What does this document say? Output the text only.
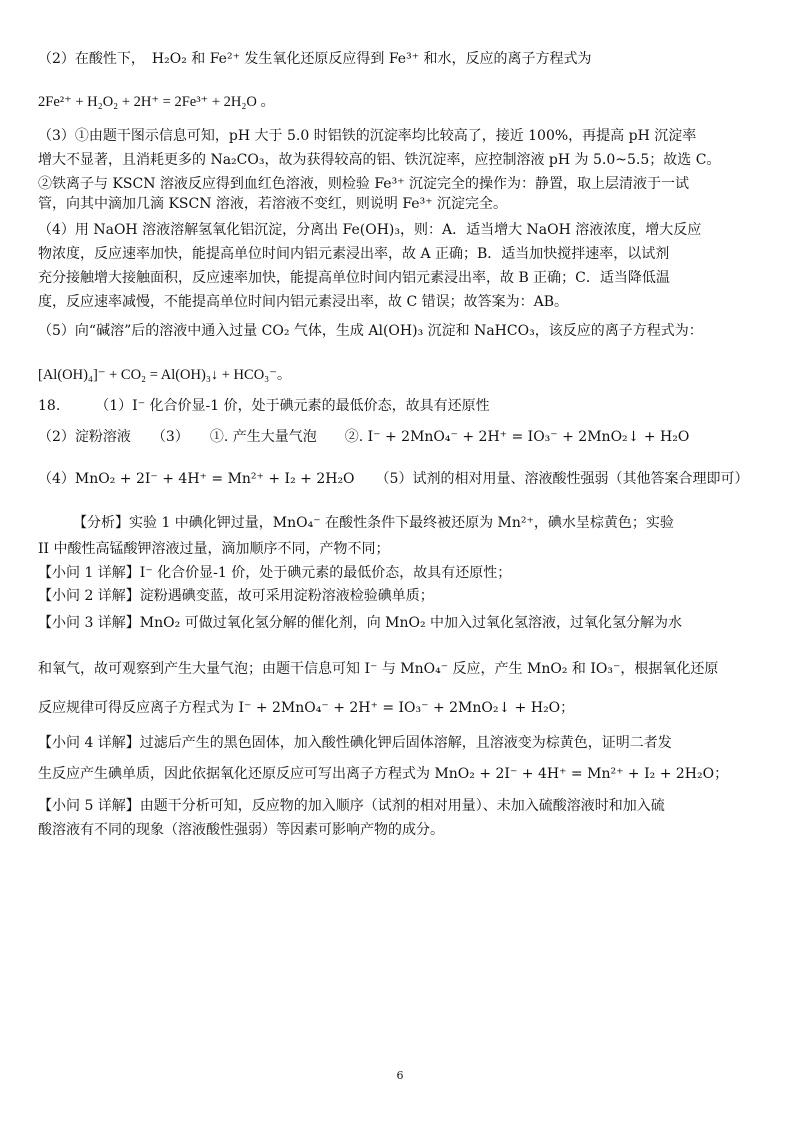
（2）在酸性下，　H₂O₂ 和 Fe²⁺ 发生氧化还原反应得到 Fe³⁺ 和水，反应的离子方程式为
2Fe²⁺ + H₂O₂ + 2H⁺ = 2Fe³⁺ + 2H₂O 。
（3）①由题干图示信息可知，pH 大于 5.0 时铝铁的沉淀率均比较高了，接近 100%，再提高 pH 沉淀率
增大不显著，且消耗更多的 Na₂CO₃，故为获得较高的铝、铁沉淀率，应控制溶液 pH 为 5.0~5.5；故选 C。
②铁离子与 KSCN 溶液反应得到血红色溶液，则检验 Fe³⁺ 沉淀完全的操作为：静置，取上层清液于一试
管，向其中滴加几滴 KSCN 溶液，若溶液不变红，则说明 Fe³⁺ 沉淀完全。
（4）用 NaOH 溶液溶解氢氧化铝沉淀，分离出 Fe(OH)₃，则：A．适当增大 NaOH 溶液浓度，增大反应
物浓度，反应速率加快，能提高单位时间内铝元素浸出率，故 A 正确；B．适当加快搅拌速率，以试剂
充分接触增大接触面积，反应速率加快，能提高单位时间内铝元素浸出率，故 B 正确；C．适当降低温
度，反应速率减慢，不能提高单位时间内铝元素浸出率，故 C 错误；故答案为：AB。
（5）向“碱溶”后的溶液中通入过量 CO₂ 气体，生成 Al(OH)₃ 沉淀和 NaHCO₃，该反应的离子方程式为：
[Al(OH)₄]⁻ + CO₂ = Al(OH)₃↓ + HCO₃⁻。
18.　　　（1）I⁻ 化合价显-1 价，处于碘元素的最低价态，故具有还原性
（2）淀粉溶液　　（3）　　①. 产生大量气泡　　②. I⁻ + 2MnO₄⁻ + 2H⁺ = IO₃⁻ + 2MnO₂↓ + H₂O
（4）MnO₂ + 2I⁻ + 4H⁺ = Mn²⁺ + I₂ + 2H₂O　　（5）试剂的相对用量、溶液酸性强弱（其他答案合理即可）
　　　【分析】实验 1 中碘化钾过量，MnO₄⁻ 在酸性条件下最终被还原为 Mn²⁺，碘水呈棕黄色；实验
II 中酸性高锰酸钾溶液过量，滴加顺序不同，产物不同；
【小问 1 详解】I⁻ 化合价显-1 价，处于碘元素的最低价态，故具有还原性；
【小问 2 详解】淀粉遇碘变蓝，故可采用淀粉溶液检验碘单质；
【小问 3 详解】MnO₂ 可做过氧化氢分解的催化剂，向 MnO₂ 中加入过氧化氢溶液，过氧化氢分解为水
和氧气，故可观察到产生大量气泡；由题干信息可知 I⁻ 与 MnO₄⁻ 反应，产生 MnO₂ 和 IO₃⁻，根据氧化还原
反应规律可得反应离子方程式为 I⁻ + 2MnO₄⁻ + 2H⁺ = IO₃⁻ + 2MnO₂↓ + H₂O；
【小问 4 详解】过滤后产生的黑色固体，加入酸性碘化钾后固体溶解，且溶液变为棕黄色，证明二者发
生反应产生碘单质，因此依据氧化还原反应可写出离子方程式为 MnO₂ + 2I⁻ + 4H⁺ = Mn²⁺ + I₂ + 2H₂O；
【小问 5 详解】由题干分析可知，反应物的加入顺序（试剂的相对用量）、未加入硫酸溶液时和加入硫
酸溶液有不同的现象（溶液酸性强弱）等因素可影响产物的成分。
6
